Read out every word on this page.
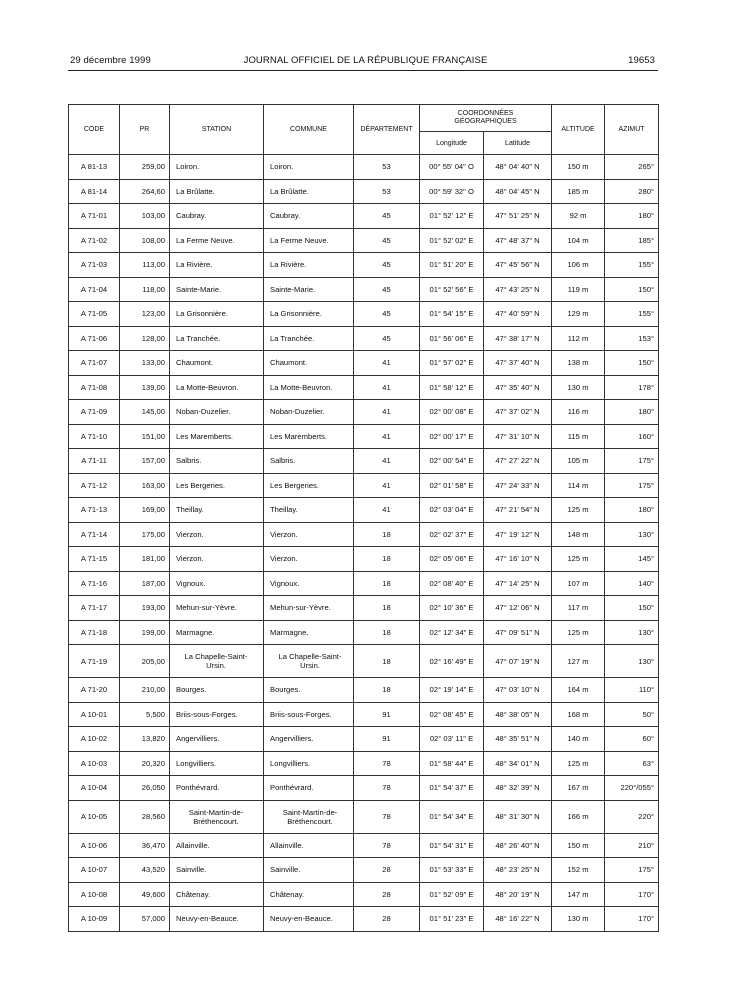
29 décembre 1999	JOURNAL OFFICIEL DE LA RÉPUBLIQUE FRANÇAISE	19653
CODE	PR	STATION	COMMUNE	DÉPARTEMENT	COORDONNÉES GÉOGRAPHIQUES		ALTITUDE	AZIMUT
					Longitude	Latitude		
A 81-13	259,00	Loiron.	Loiron.	53	00° 55' 04" O	48° 04' 40" N	150 m	265°
A 81-14	264,60	La Brûlatte.	La Brûlatte.	53	00° 59' 32" O	48° 04' 45" N	185 m	280°
A 71-01	103,00	Caubray.	Caubray.	45	01° 52' 12" E	47° 51' 25" N	92 m	180°
A 71-02	108,00	La Ferme Neuve.	La Ferme Neuve.	45	01° 52' 02" E	47° 48' 37" N	104 m	185°
A 71-03	113,00	La Rivière.	La Rivière.	45	01° 51' 20" E	47° 45' 56" N	106 m	155°
A 71-04	118,00	Sainte-Marie.	Sainte-Marie.	45	01° 52' 56" E	47° 43' 25" N	119 m	150°
A 71-05	123,00	La Grisonnière.	La Grisonnière.	45	01° 54' 15" E	47° 40' 59" N	129 m	155°
A 71-06	128,00	La Tranchée.	La Tranchée.	45	01° 56' 06" E	47° 38' 17" N	112 m	153°
A 71-07	133,00	Chaumont.	Chaumont.	41	01° 57' 02" E	47° 37' 40" N	138 m	150°
A 71-08	139,00	La Motte-Beuvron.	La Motte-Beuvron.	41	01° 58' 12" E	47° 35' 40" N	130 m	178°
A 71-09	145,00	Noban-Duzelier.	Noban-Duzelier.	41	02° 00' 08" E	47° 37' 02" N	116 m	180°
A 71-10	151,00	Les Maremberts.	Les Maremberts.	41	02° 00' 17" E	47° 31' 10" N	115 m	160°
A 71-11	157,00	Salbris.	Salbris.	41	02° 00' 54" E	47° 27' 22" N	105 m	175°
A 71-12	163,00	Les Bergeries.	Les Bergeries.	41	02° 01' 58" E	47° 24' 33" N	114 m	175°
A 71-13	169,00	Theillay.	Theillay.	41	02° 03' 04" E	47° 21' 54" N	125 m	180°
A 71-14	175,00	Vierzon.	Vierzon.	18	02° 02' 37" E	47° 19' 12" N	148 m	130°
A 71-15	181,00	Vierzon.	Vierzon.	18	02° 05' 06" E	47° 16' 10" N	125 m	145°
A 71-16	187,00	Vignoux.	Vignoux.	18	02° 08' 40" E	47° 14' 25" N	107 m	140°
A 71-17	193,00	Mehun-sur-Yèvre.	Mehun-sur-Yèvre.	18	02° 10' 36" E	47° 12' 06" N	117 m	150°
A 71-18	199,00	Marmagne.	Marmagne.	18	02° 12' 34" E	47° 09' 51" N	125 m	130°
A 71-19	205,00	La Chapelle-Saint-Ursin.	La Chapelle-Saint-Ursin.	18	02° 16' 49" E	47° 07' 19" N	127 m	130°
A 71-20	210,00	Bourges.	Bourges.	18	02° 19' 14" E	47° 03' 10" N	164 m	110°
A 10-01	5,500	Briis-sous-Forges.	Briis-sous-Forges.	91	02° 08' 45" E	48° 38' 05" N	168 m	50°
A 10-02	13,820	Angervilliers.	Angervilliers.	91	02° 03' 11" E	48° 35' 51" N	140 m	60°
A 10-03	20,320	Longvilliers.	Longvilliers.	78	01° 58' 44" E	48° 34' 01" N	125 m	63°
A 10-04	26,050	Ponthévrard.	Ponthévrard.	78	01° 54' 37" E	48° 32' 39" N	167 m	220°/055°
A 10-05	28,560	Saint-Martin-de-Bréthencourt.	Saint-Martin-de-Bréthencourt.	78	01° 54' 34" E	48° 31' 30" N	166 m	220°
A 10-06	36,470	Allainville.	Allainville.	78	01° 54' 31" E	48° 26' 40" N	150 m	210°
A 10-07	43,520	Sainville.	Sainville.	28	01° 53' 33" E	48° 23' 25" N	152 m	175°
A 10-08	49,600	Châtenay.	Châtenay.	28	01° 52' 09" E	48° 20' 19" N	147 m	170°
A 10-09	57,000	Neuvy-en-Beauce.	Neuvy-en-Beauce.	28	01° 51' 23" E	48° 16' 22" N	130 m	170°
